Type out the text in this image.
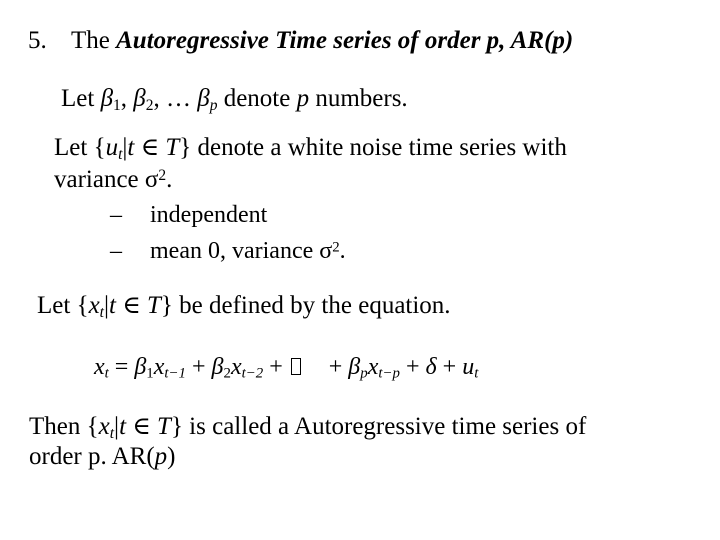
5. The Autoregressive Time series of order p, AR(p)
Let $\beta_1$, $\beta_2$, … $\beta_p$ denote p numbers.
Let {$u_t|t$ ∈ T} denote a white noise time series with
variance $\sigma^2$.
– independent
– mean 0, variance $\sigma^2$.
Let {$x_t|t$ ∈ T} be defined by the equation.
$x_t = \beta_1x_{t-1} + \beta_2x_{t-2}$ +  + $\beta_px_{t-p} + \delta + u_t$
Then {$x_t|t$ ∈ T} is called a Autoregressive time series of
order p. AR(p)
